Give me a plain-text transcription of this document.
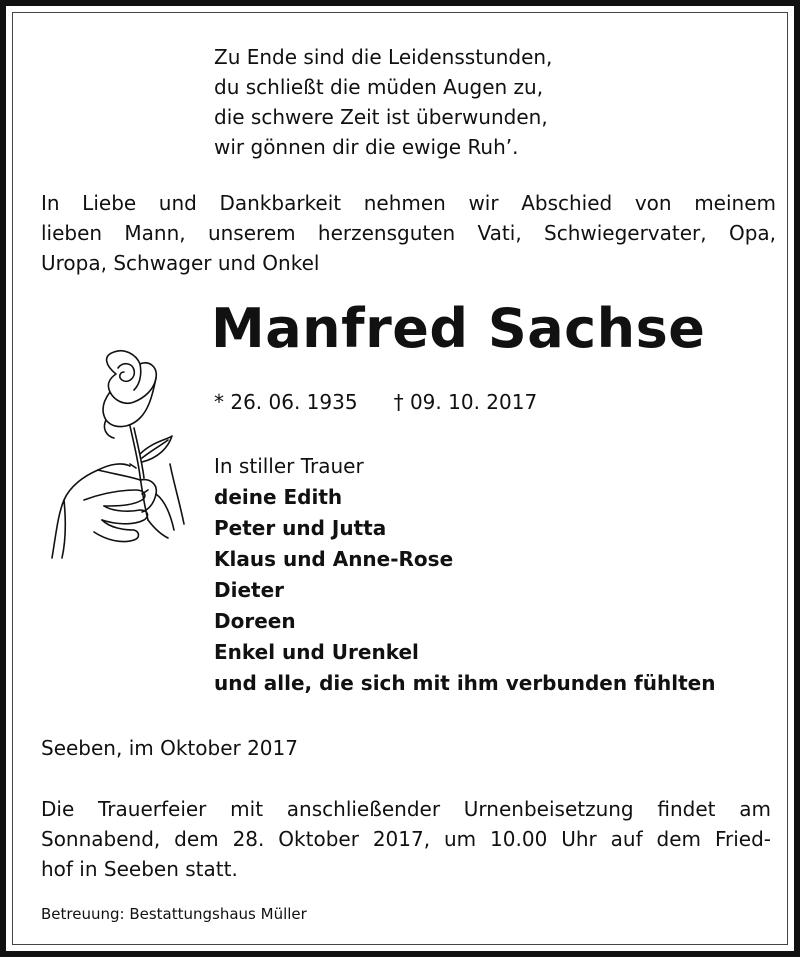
Zu Ende sind die Leidensstunden,
du schließt die müden Augen zu,
die schwere Zeit ist überwunden,
wir gönnen dir die ewige Ruh’.
In Liebe und Dankbarkeit nehmen wir Abschied von meinem
lieben Mann, unserem herzensguten Vati, Schwiegervater, Opa,
Uropa, Schwager und Onkel
Manfred Sachse
* 26. 06. 1935 † 09. 10. 2017
In stiller Trauer
deine Edith
Peter und Jutta
Klaus und Anne-Rose
Dieter
Doreen
Enkel und Urenkel
und alle, die sich mit ihm verbunden fühlten
Seeben, im Oktober 2017
Die Trauerfeier mit anschließender Urnenbeisetzung findet am
Sonnabend, dem 28. Oktober 2017, um 10.00 Uhr auf dem Fried-
hof in Seeben statt.
Betreuung: Bestattungshaus Müller
